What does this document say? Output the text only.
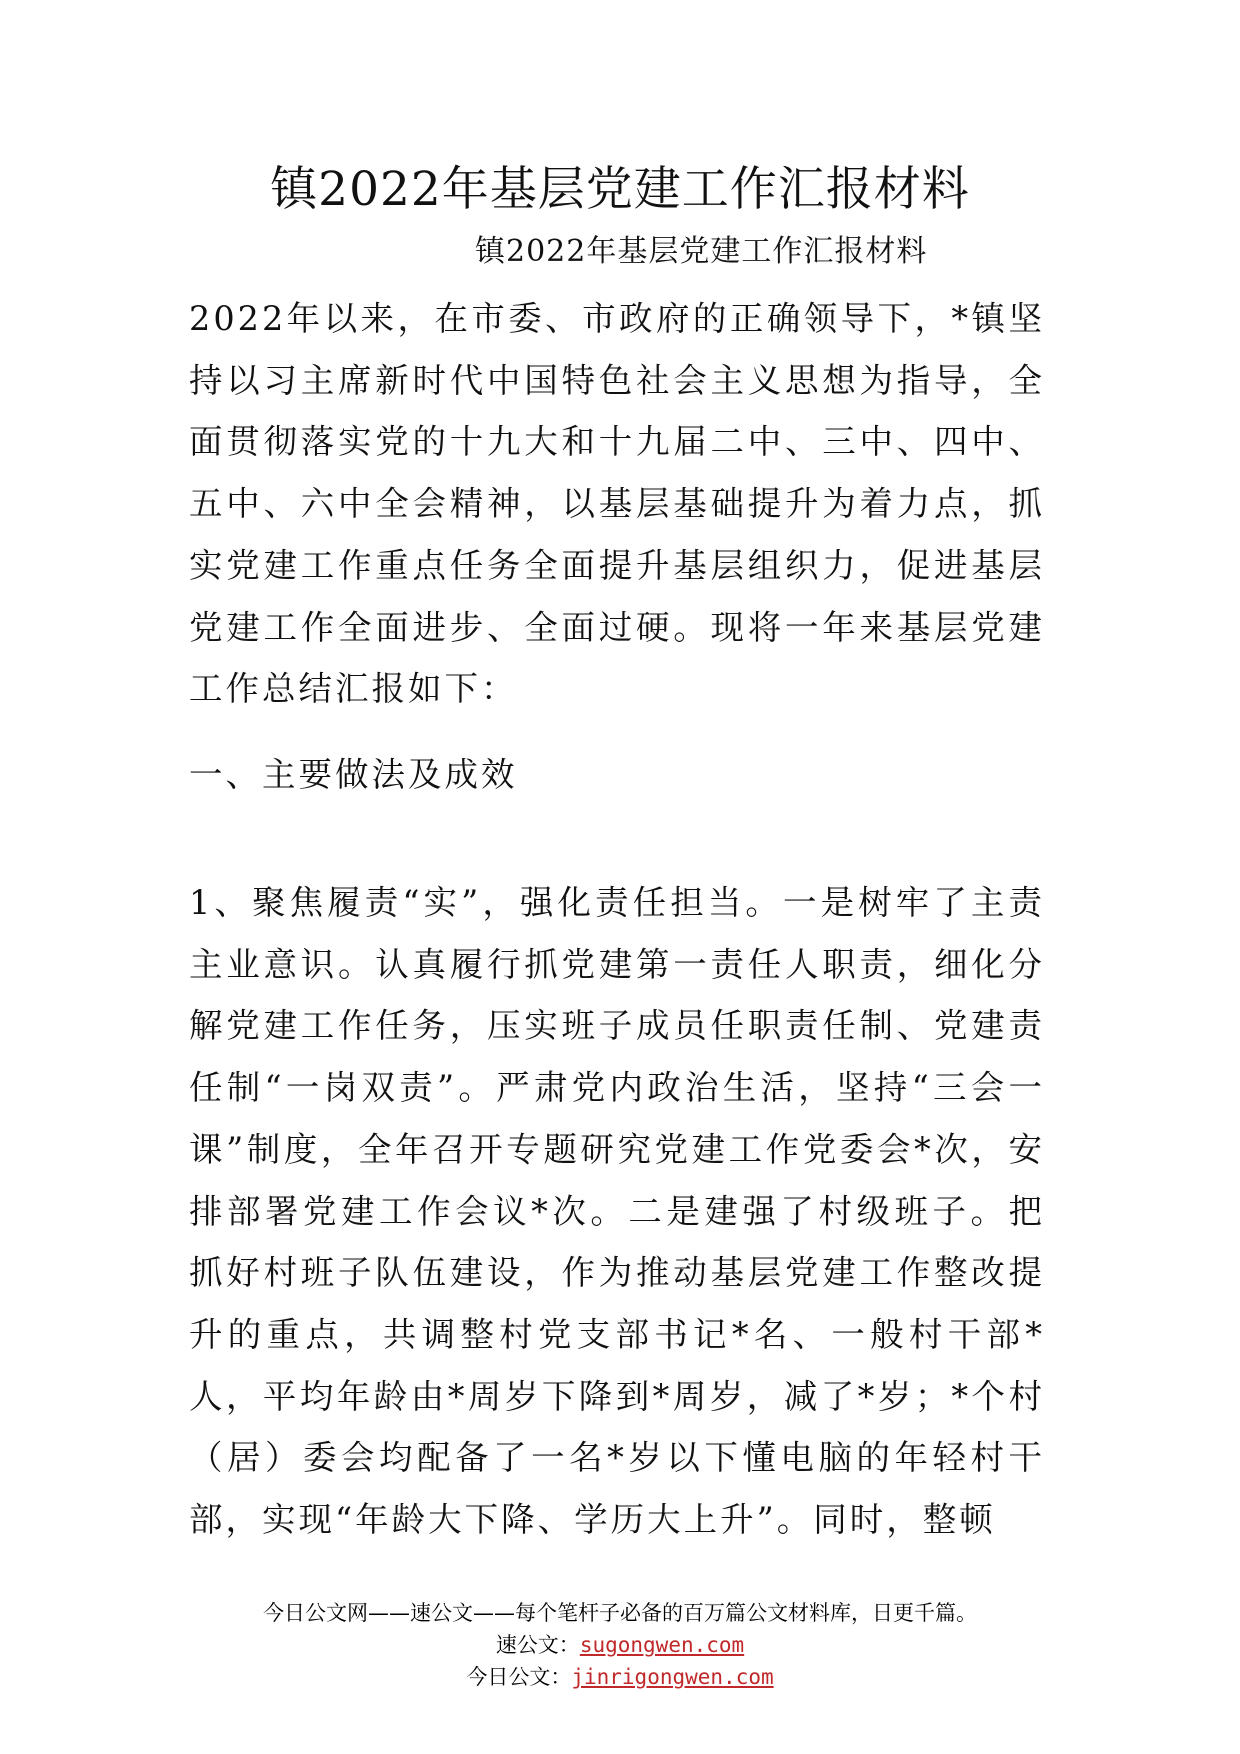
镇2022年基层党建工作汇报材料
镇2022年基层党建工作汇报材料
2022年以来，在市委、市政府的正确领导下，*镇坚持以习主席新时代中国特色社会主义思想为指导，全面贯彻落实党的十九大和十九届二中、三中、四中、五中、六中全会精神，以基层基础提升为着力点，抓实党建工作重点任务全面提升基层组织力，促进基层党建工作全面进步、全面过硬。现将一年来基层党建工作总结汇报如下：
一、主要做法及成效
1、聚焦履责“实”，强化责任担当。一是树牢了主责主业意识。认真履行抓党建第一责任人职责，细化分解党建工作任务，压实班子成员任职责任制、党建责任制“一岗双责”。严肃党内政治生活，坚持“三会一课”制度，全年召开专题研究党建工作党委会*次，安排部署党建工作会议*次。二是建强了村级班子。把抓好村班子队伍建设，作为推动基层党建工作整改提升的重点，共调整村党支部书记*名、一般村干部*人，平均年龄由*周岁下降到*周岁，减了*岁；*个村（居）委会均配备了一名*岁以下懂电脑的年轻村干部，实现“年龄大下降、学历大上升”。同时，整顿
今日公文网——速公文——每个笔杆子必备的百万篇公文材料库，日更千篇。
速公文：sugongwen.com
今日公文：jinrigongwen.com
